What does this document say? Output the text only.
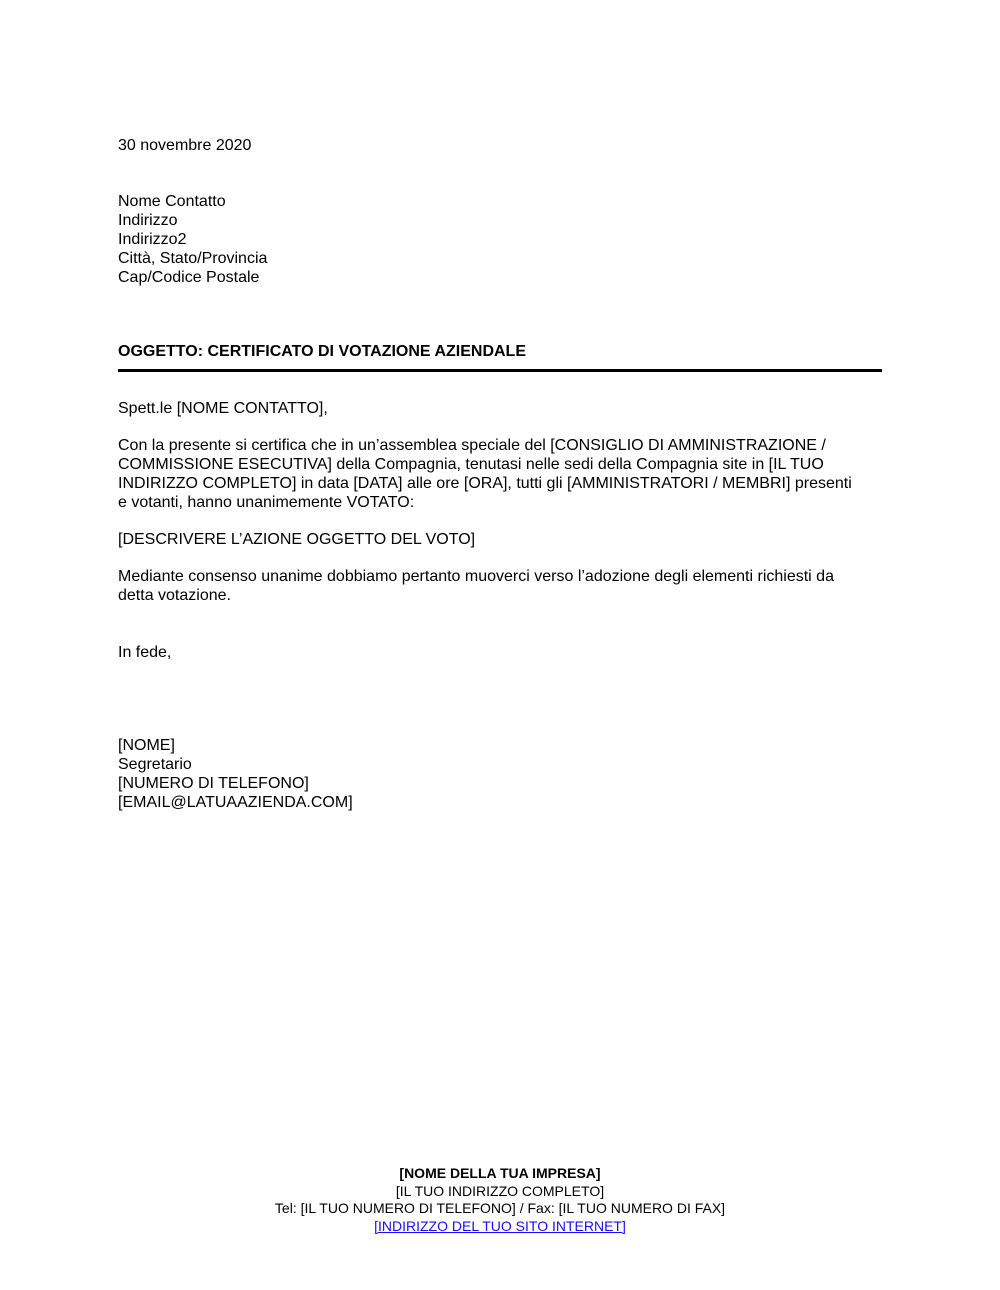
30 novembre 2020
Nome Contatto
Indirizzo
Indirizzo2
Città, Stato/Provincia
Cap/Codice Postale
OGGETTO: CERTIFICATO DI VOTAZIONE AZIENDALE
Spett.le [NOME CONTATTO],
Con la presente si certifica che in un’assemblea speciale del [CONSIGLIO DI AMMINISTRAZIONE /
COMMISSIONE ESECUTIVA] della Compagnia, tenutasi nelle sedi della Compagnia site in [IL TUO
INDIRIZZO COMPLETO] in data [DATA] alle ore [ORA], tutti gli [AMMINISTRATORI / MEMBRI] presenti
e votanti, hanno unanimemente VOTATO:
[DESCRIVERE L’AZIONE OGGETTO DEL VOTO]
Mediante consenso unanime dobbiamo pertanto muoverci verso l’adozione degli elementi richiesti da
detta votazione.
In fede,
[NOME]
Segretario
[NUMERO DI TELEFONO]
[EMAIL@LATUAAZIENDA.COM]
[NOME DELLA TUA IMPRESA]
[IL TUO INDIRIZZO COMPLETO]
Tel: [IL TUO NUMERO DI TELEFONO] / Fax: [IL TUO NUMERO DI FAX]
[INDIRIZZO DEL TUO SITO INTERNET]
